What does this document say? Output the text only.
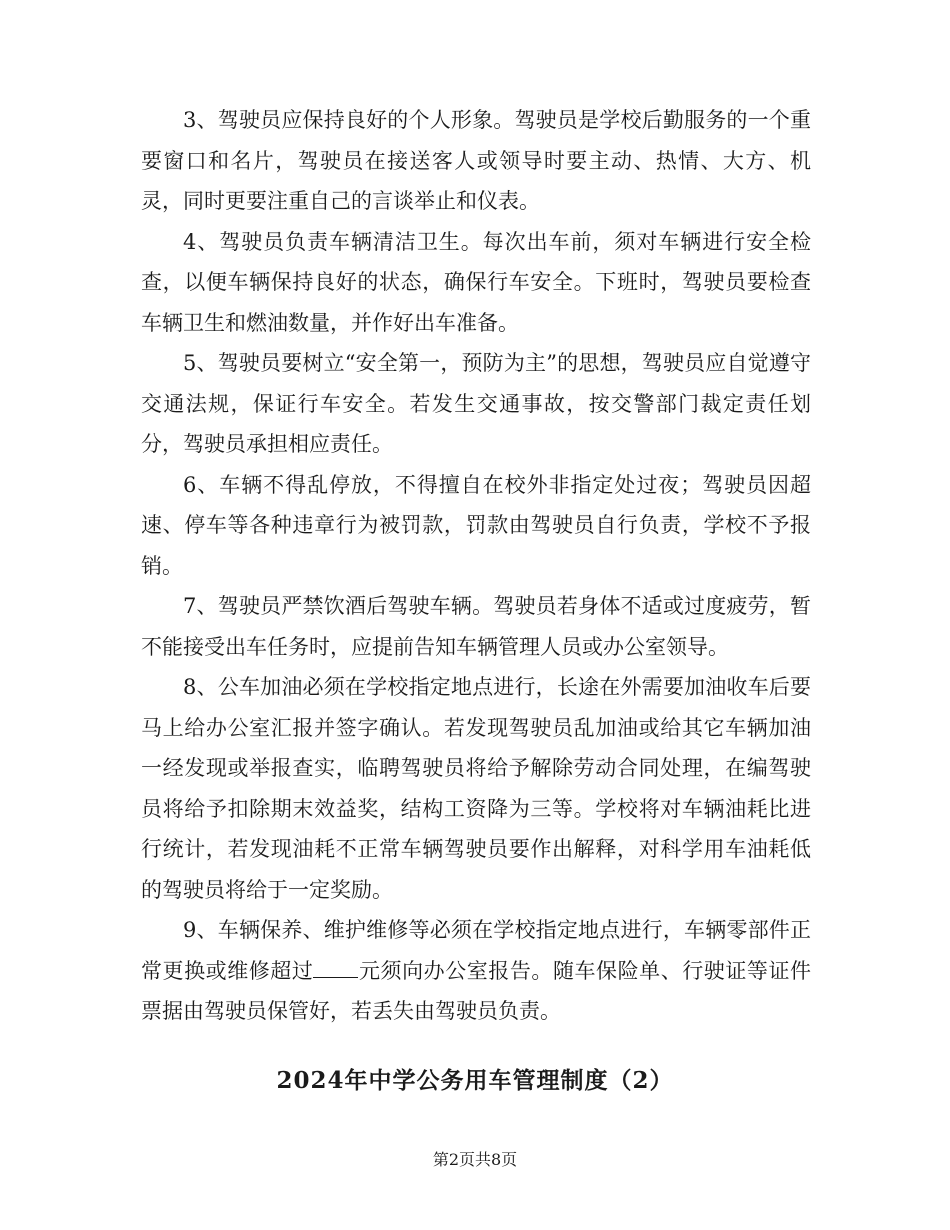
3、驾驶员应保持良好的个人形象。驾驶员是学校后勤服务的一个重要窗口和名片，驾驶员在接送客人或领导时要主动、热情、大方、机灵，同时更要注重自己的言谈举止和仪表。

4、驾驶员负责车辆清洁卫生。每次出车前，须对车辆进行安全检查，以便车辆保持良好的状态，确保行车安全。下班时，驾驶员要检查车辆卫生和燃油数量，并作好出车准备。

5、驾驶员要树立“安全第一，预防为主”的思想，驾驶员应自觉遵守交通法规，保证行车安全。若发生交通事故，按交警部门裁定责任划分，驾驶员承担相应责任。

6、车辆不得乱停放，不得擅自在校外非指定处过夜；驾驶员因超速、停车等各种违章行为被罚款，罚款由驾驶员自行负责，学校不予报销。

7、驾驶员严禁饮酒后驾驶车辆。驾驶员若身体不适或过度疲劳，暂不能接受出车任务时，应提前告知车辆管理人员或办公室领导。

8、公车加油必须在学校指定地点进行，长途在外需要加油收车后要马上给办公室汇报并签字确认。若发现驾驶员乱加油或给其它车辆加油一经发现或举报查实，临聘驾驶员将给予解除劳动合同处理，在编驾驶员将给予扣除期末效益奖，结构工资降为三等。学校将对车辆油耗比进行统计，若发现油耗不正常车辆驾驶员要作出解释，对科学用车油耗低的驾驶员将给于一定奖励。

9、车辆保养、维护维修等必须在学校指定地点进行，车辆零部件正常更换或维修超过 元须向办公室报告。随车保险单、行驶证等证件票据由驾驶员保管好，若丢失由驾驶员负责。

2024年中学公务用车管理制度（2）
第2页共8页
